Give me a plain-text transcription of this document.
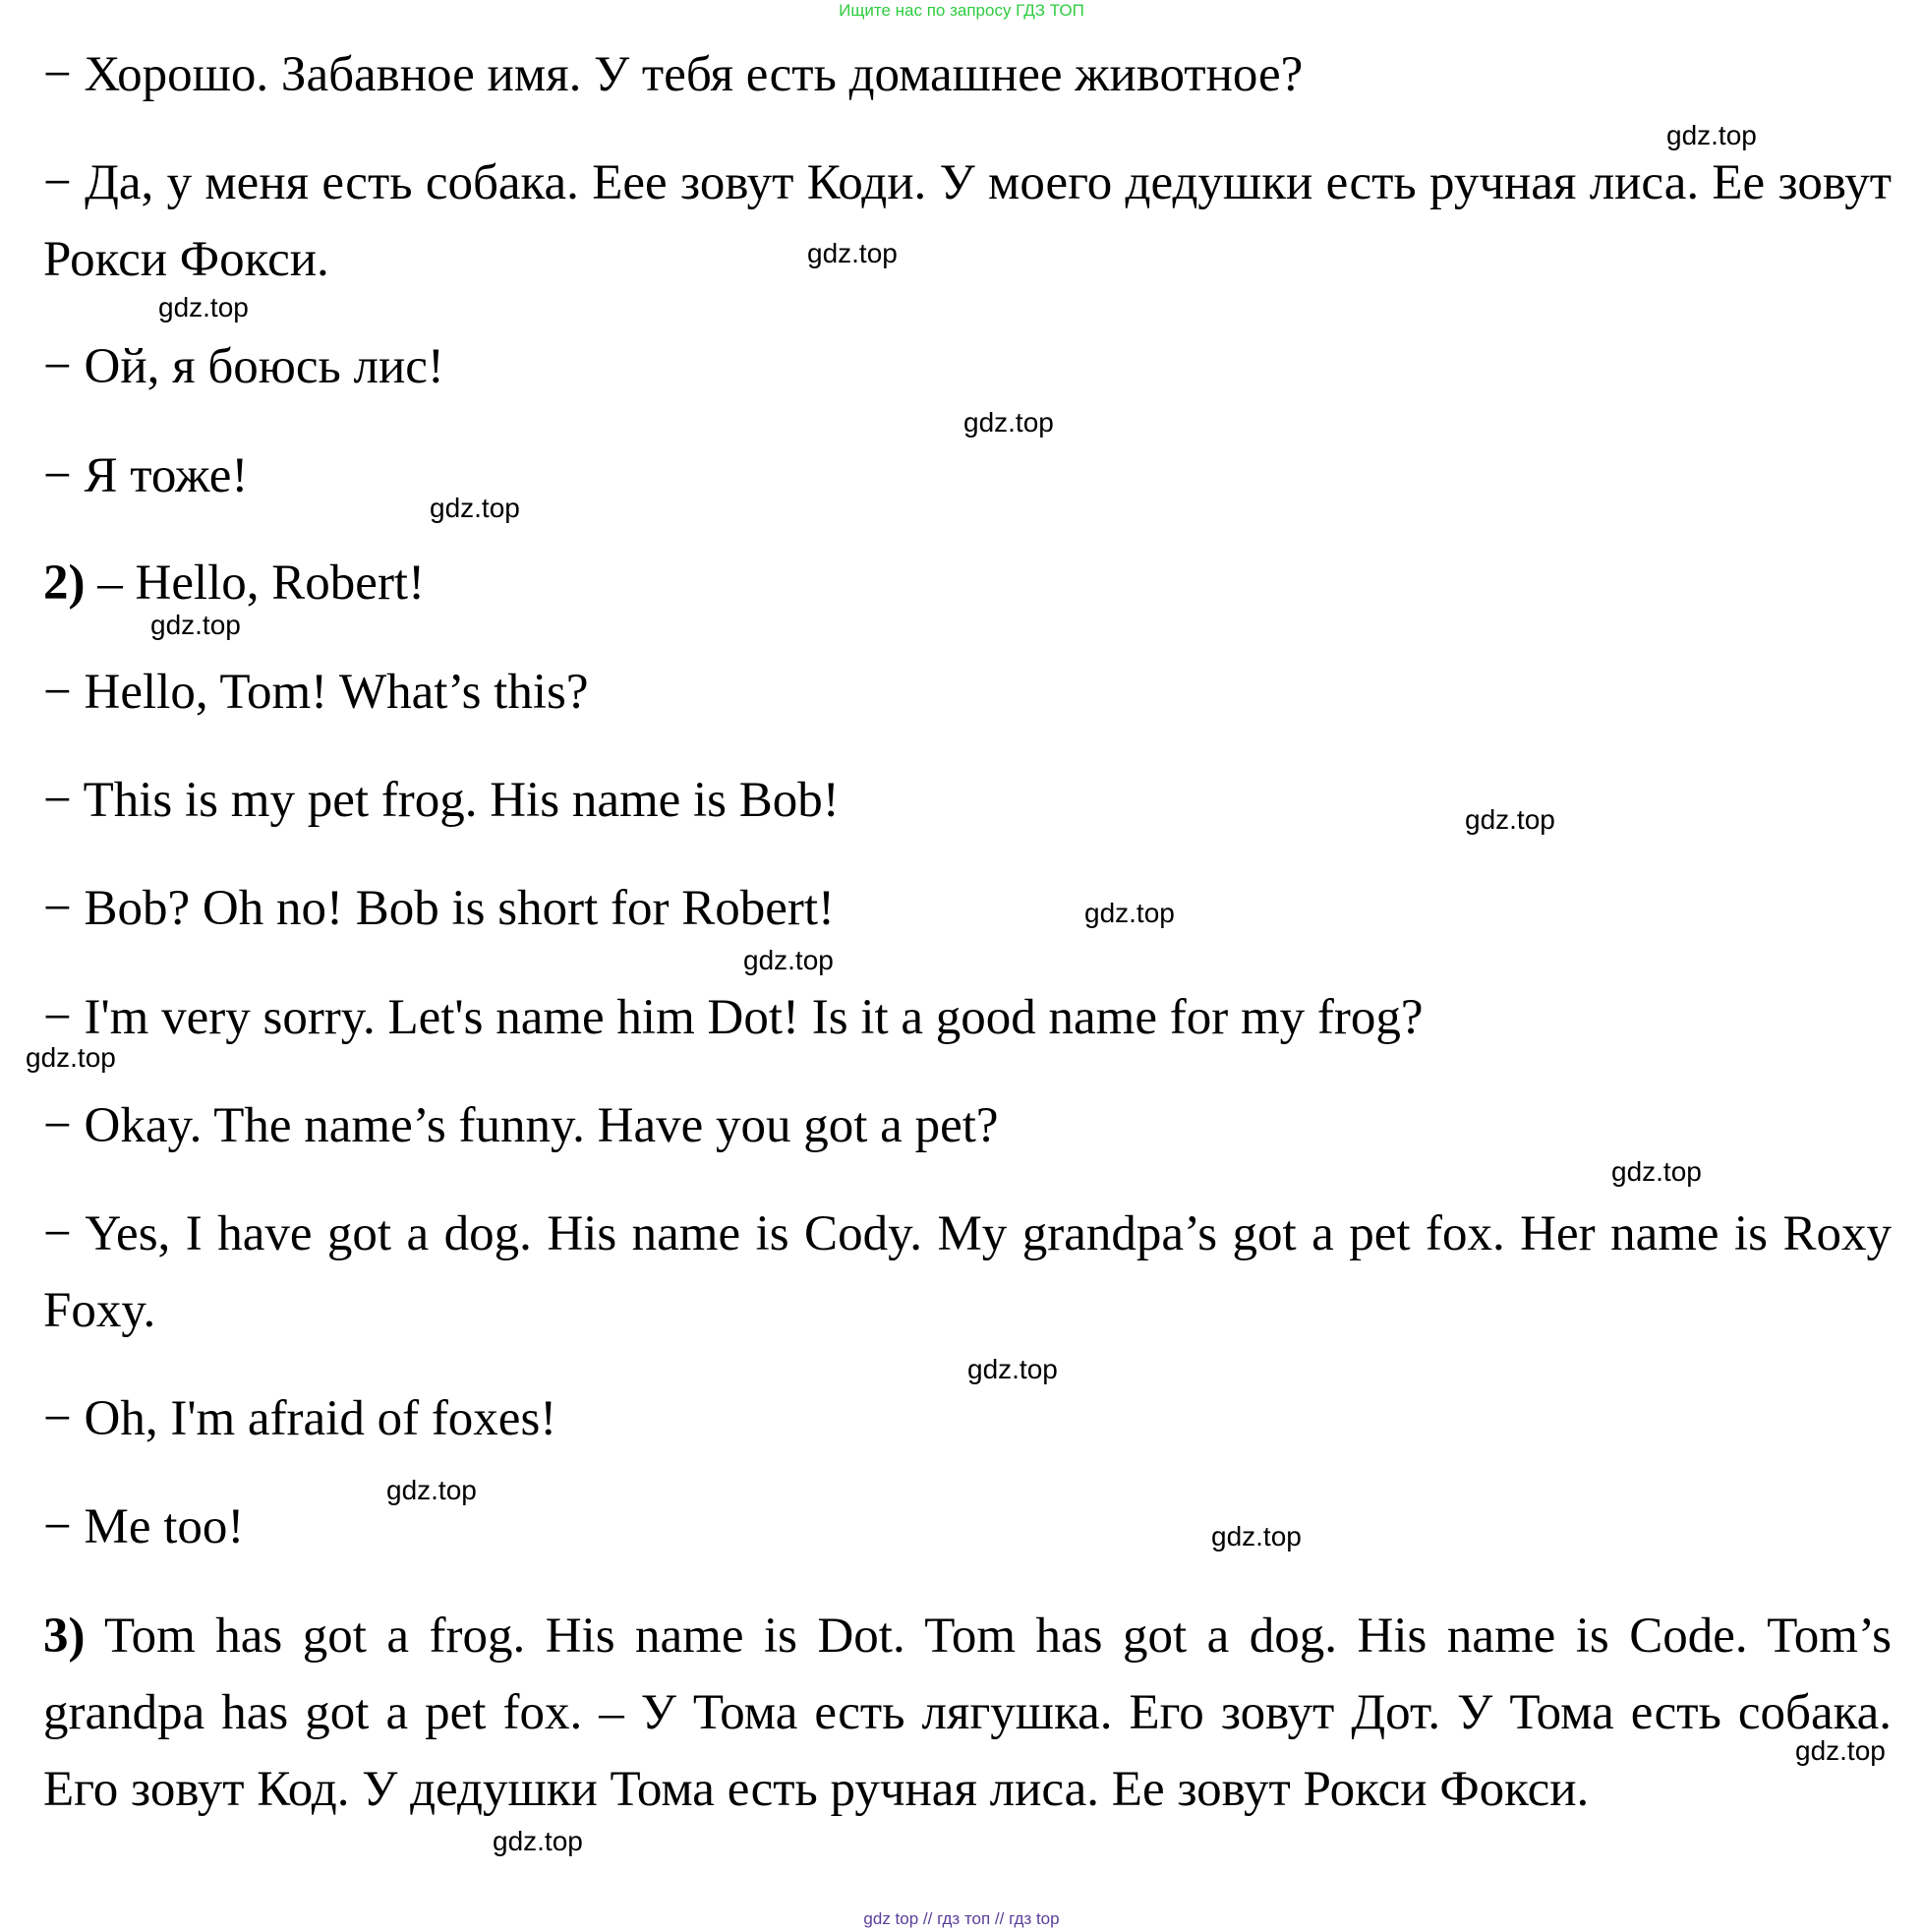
Ищите нас по запросу ГДЗ ТОП
− Хорошо. Забавное имя. У тебя есть домашнее животное?
− Да, у меня есть собака. Еее зовут Коди. У моего дедушки есть ручная лиса. Ее зовут Рокси Фокси.
− Ой, я боюсь лис!
− Я тоже!
2) – Hello, Robert!
− Hello, Tom! What’s this?
− This is my pet frog. His name is Bob!
− Bob? Oh no! Bob is short for Robert!
− I'm very sorry. Let's name him Dot! Is it a good name for my frog?
− Okay. The name’s funny. Have you got a pet?
− Yes, I have got a dog. His name is Cody. My grandpa’s got a pet fox. Her name is Roxy Foxy.
− Oh, I'm afraid of foxes!
− Me too!
3) Tom has got a frog. His name is Dot. Tom has got a dog. His name is Code. Tom’s grandpa has got a pet fox. – У Тома есть лягушка. Его зовут Дот. У Тома есть собака. Его зовут Код. У дедушки Тома есть ручная лиса. Ее зовут Рокси Фокси.
gdz.top
gdz.top
gdz.top
gdz.top
gdz.top
gdz.top
gdz.top
gdz.top
gdz.top
gdz.top
gdz.top
gdz.top
gdz.top
gdz.top
gdz.top
gdz.top
gdz top // гдз топ // гдз top
